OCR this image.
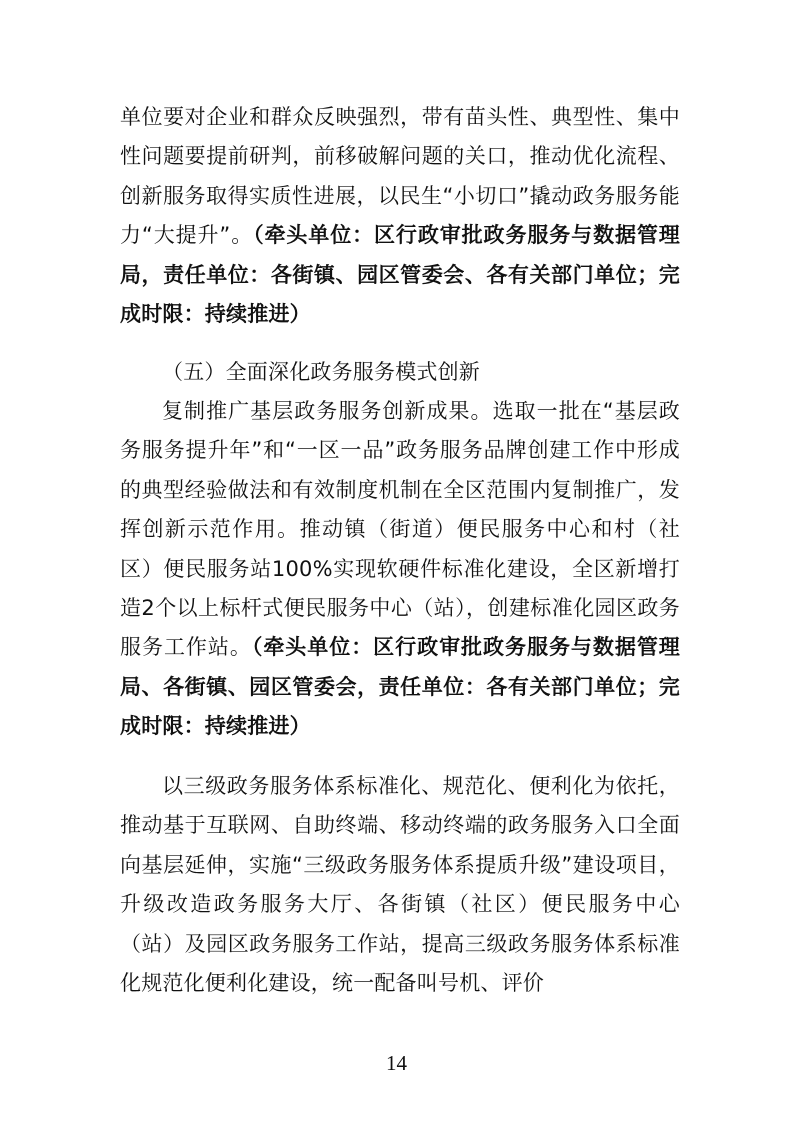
单位要对企业和群众反映强烈，带有苗头性、典型性、集中性问题要提前研判，前移破解问题的关口，推动优化流程、创新服务取得实质性进展，以民生“小切口”撬动政务服务能力“大提升”。（牵头单位：区行政审批政务服务与数据管理局，责任单位：各街镇、园区管委会、各有关部门单位；完成时限：持续推进）
（五）全面深化政务服务模式创新
复制推广基层政务服务创新成果。选取一批在“基层政务服务提升年”和“一区一品”政务服务品牌创建工作中形成的典型经验做法和有效制度机制在全区范围内复制推广，发挥创新示范作用。推动镇（街道）便民服务中心和村（社区）便民服务站100%实现软硬件标准化建设，全区新增打造2个以上标杆式便民服务中心（站），创建标准化园区政务服务工作站。（牵头单位：区行政审批政务服务与数据管理局、各街镇、园区管委会，责任单位：各有关部门单位；完成时限：持续推进）
以三级政务服务体系标准化、规范化、便利化为依托，推动基于互联网、自助终端、移动终端的政务服务入口全面向基层延伸，实施“三级政务服务体系提质升级”建设项目，升级改造政务服务大厅、各街镇（社区）便民服务中心（站）及园区政务服务工作站，提高三级政务服务体系标准化规范化便利化建设，统一配备叫号机、评价
14
